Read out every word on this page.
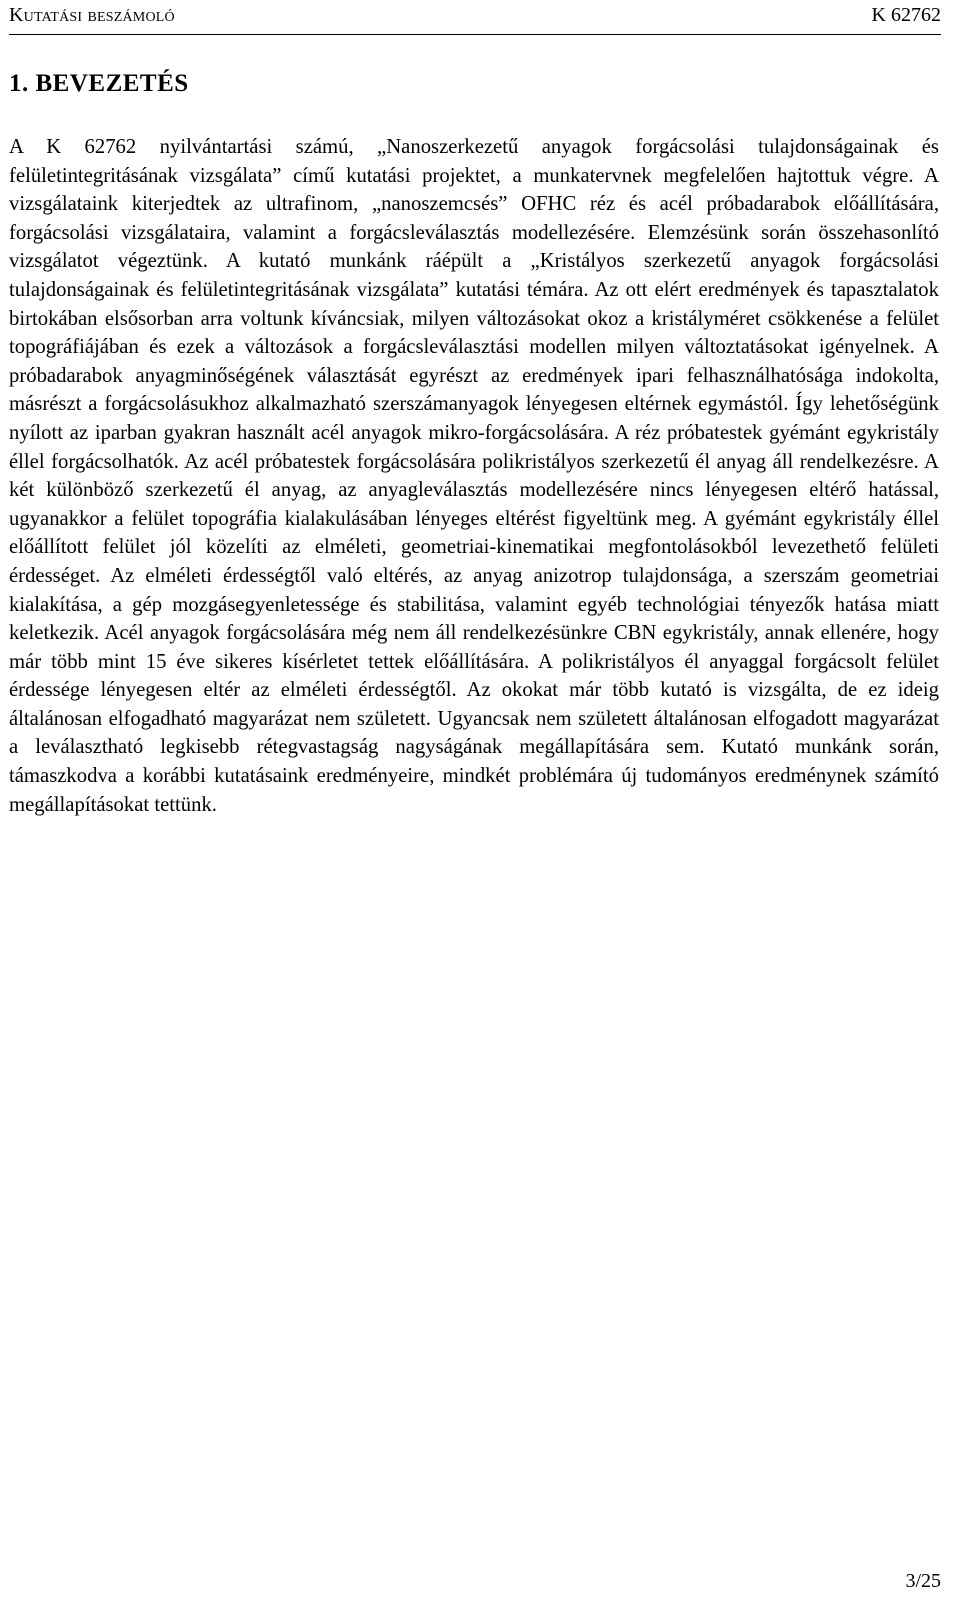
Kutatási beszámoló	K 62762
1. BEVEZETÉS

A K 62762 nyilvántartási számú, „Nanoszerkezetű anyagok forgácsolási tulajdonságainak és felületintegritásának vizsgálata” című kutatási projektet, a munkatervnek megfelelően hajtottuk végre. A vizsgálataink kiterjedtek az ultrafinom, „nanoszemcsés” OFHC réz és acél próbadarabok előállítására, forgácsolási vizsgálataira, valamint a forgácsleválasztás modellezésére. Elemzésünk során összehasonlító vizsgálatot végeztünk. A kutató munkánk ráépült a „Kristályos szerkezetű anyagok forgácsolási tulajdonságainak és felületintegritásának vizsgálata” kutatási témára. Az ott elért eredmények és tapasztalatok birtokában elsősorban arra voltunk kíváncsiak, milyen változásokat okoz a kristályméret csökkenése a felület topográfiájában és ezek a változások a forgácsleválasztási modellen milyen változtatásokat igényelnek. A próbadarabok anyagminőségének választását egyrészt az eredmények ipari felhasználhatósága indokolta, másrészt a forgácsolásukhoz alkalmazható szerszámanyagok lényegesen eltérnek egymástól. Így lehetőségünk nyílott az iparban gyakran használt acél anyagok mikro-forgácsolására. A réz próbatestek gyémánt egykristály éllel forgácsolhatók. Az acél próbatestek forgácsolására polikristályos szerkezetű él anyag áll rendelkezésre. A két különböző szerkezetű él anyag, az anyagleválasztás modellezésére nincs lényegesen eltérő hatással, ugyanakkor a felület topográfia kialakulásában lényeges eltérést figyeltünk meg. A gyémánt egykristály éllel előállított felület jól közelíti az elméleti, geometriai-kinematikai megfontolásokból levezethető felületi érdességet. Az elméleti érdességtől való eltérés, az anyag anizotrop tulajdonsága, a szerszám geometriai kialakítása, a gép mozgásegyenletessége és stabilitása, valamint egyéb technológiai tényezők hatása miatt keletkezik. Acél anyagok forgácsolására még nem áll rendelkezésünkre CBN egykristály, annak ellenére, hogy már több mint 15 éve sikeres kísérletet tettek előállítására. A polikristályos él anyaggal forgácsolt felület érdessége lényegesen eltér az elméleti érdességtől. Az okokat már több kutató is vizsgálta, de ez ideig általánosan elfogadható magyarázat nem született. Ugyancsak nem született általánosan elfogadott magyarázat a leválasztható legkisebb rétegvastagság nagyságának megállapítására sem. Kutató munkánk során, támaszkodva a korábbi kutatásaink eredményeire, mindkét problémára új tudományos eredménynek számító megállapításokat tettünk.

3/25
